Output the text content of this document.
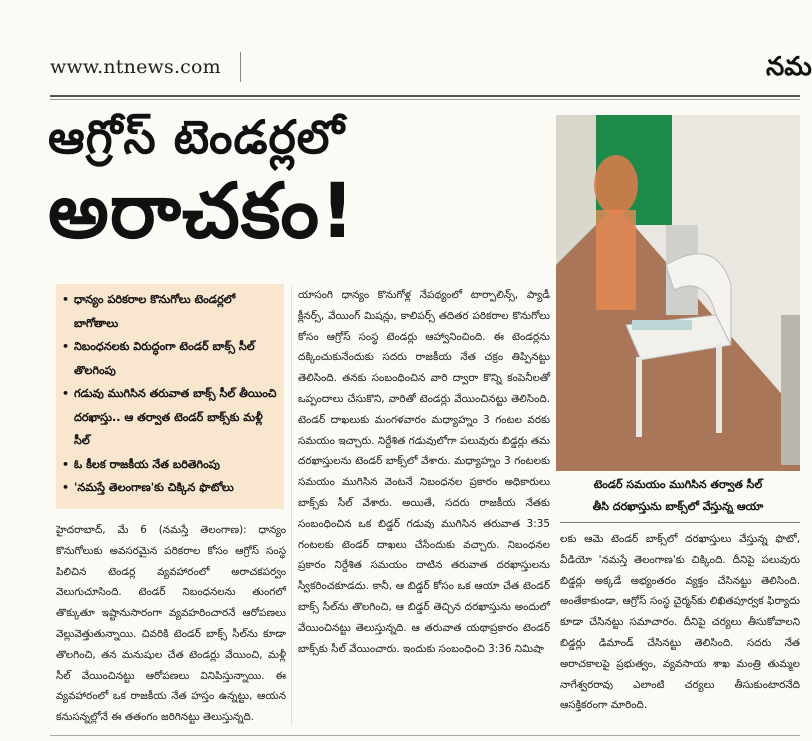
www.ntnews.com	నమ
ఆగ్రోస్ టెండర్లలో
అరాచకం!
• ధాన్యం పరికరాల కొనుగోలు టెండర్లలో బాగోతాలు
• నిబంధనలకు విరుద్ధంగా టెండర్ బాక్స్ సీల్ తొలగింపు
• గడువు ముగిసిన తరువాత బాక్స్ సీల్ తీయించి దరఖాస్తు.. ఆ తర్వాత టెండర్ బాక్స్‌కు మళ్లీ సీల్
• ఓ కీలక రాజకీయ నేత బరితెగింపు
• 'నమస్తే తెలంగాణ'కు చిక్కిన ఫొటోలు
యాసంగి ధాన్యం కొనుగోళ్ల నేపథ్యంలో టార్పాలిన్స్, ప్యాడీ క్లీనర్స్, వేయింగ్ మిషన్లు, కాలిపర్స్ తదితర పరికరాల కొనుగోలు కోసం ఆగ్రోస్ సంస్థ టెండర్లు ఆహ్వానించింది. ఈ టెండర్లను దక్కించుకునేందుకు సదరు రాజకీయ నేత చక్రం తిప్పినట్టు తెలిసింది. తనకు సంబంధించిన వారి ద్వారా కొన్ని కంపెనీలతో ఒప్పందాలు చేసుకొని, వారితో టెండర్లు వేయించినట్టు తెలిసింది. టెండర్ దాఖలుకు మంగళవారం మధ్యాహ్నం 3 గంటల వరకు సమయం ఇచ్చారు. నిర్దేశిత గడువులోగా పలువురు బిడ్డర్లు తమ దరఖాస్తులను టెండర్ బాక్స్‌లో వేశారు. మధ్యాహ్నం 3 గంటలకు సమయం ముగిసిన వెంటనే నిబంధనల ప్రకారం అధికారులు బాక్స్‌కు సీల్ వేశారు. అయితే, సదరు రాజకీయ నేతకు సంబంధించిన ఒక బిడ్డర్ గడువు ముగిసిన తరువాత 3:35 గంటలకు టెండర్ దాఖలు చేసేందుకు వచ్చారు. నిబంధనల ప్రకారం నిర్దేశిత సమయం దాటిన తరువాత దరఖాస్తులను స్వీకరించకూడదు. కానీ, ఆ బిడ్డర్ కోసం ఒక ఆయా చేత టెండర్ బాక్స్ సీల్‌ను తొలగించి, ఆ బిడ్డర్ తెచ్చిన దరఖాస్తును అందులో వేయించినట్టు తెలుస్తున్నది. ఆ తరువాత యథాప్రకారం టెండర్ బాక్స్‌కు సీల్ వేయించారు. ఇందుకు సంబంధించి 3:36 నిమిషా
హైదరాబాద్, మే 6 (నమస్తే తెలంగాణ): ధాన్యం కొనుగోలుకు అవసరమైన పరికరాల కోసం ఆగ్రోస్ సంస్థ పిలిచిన టెండర్ల వ్యవహారంలో అరాచకపర్వం వెలుగుచూసింది. టెండర్ నిబంధనలను తుంగలో తొక్కుతూ ఇష్టానుసారంగా వ్యవహరించారనే ఆరోపణలు వెల్లువెత్తుతున్నాయి. చివరికి టెండర్ బాక్స్ సీల్‌ను కూడా తొలగించి, తన మనుషుల చేత టెండర్లు వేయించి, మళ్లీ సీల్ వేయించినట్టు ఆరోపణలు వినిపిస్తున్నాయి. ఈ వ్యవహారంలో ఒక రాజకీయ నేత హస్తం ఉన్నట్టు, ఆయన కనుసన్నల్లోనే ఈ తతంగం జరిగినట్టు తెలుస్తున్నది.
టెండర్ సమయం ముగిసిన తర్వాత సీల్
తీసి దరఖాస్తును బాక్స్‌లో వేస్తున్న ఆయా
లకు ఆమె టెండర్ బాక్స్‌లో దరఖాస్తులు వేస్తున్న ఫొటో, వీడియో 'నమస్తే తెలంగాణ'కు చిక్కింది. దీనిపై పలువురు బిడ్డర్లు అక్కడే అభ్యంతరం వ్యక్తం చేసినట్టు తెలిసింది. అంతేకాకుండా, ఆగ్రోస్ సంస్థ చైర్మన్‌కు లిఖితపూర్వక ఫిర్యాదు కూడా చేసినట్టు సమాచారం. దీనిపై చర్యలు తీసుకోవాలని బిడ్డర్లు డిమాండ్ చేసినట్టు తెలిసింది. సదరు నేత అరాచకాలపై ప్రభుత్వం, వ్యవసాయ శాఖ మంత్రి తుమ్మల నాగేశ్వరరావు ఎలాంటి చర్యలు తీసుకుంటారనేది ఆసక్తికరంగా మారింది.
